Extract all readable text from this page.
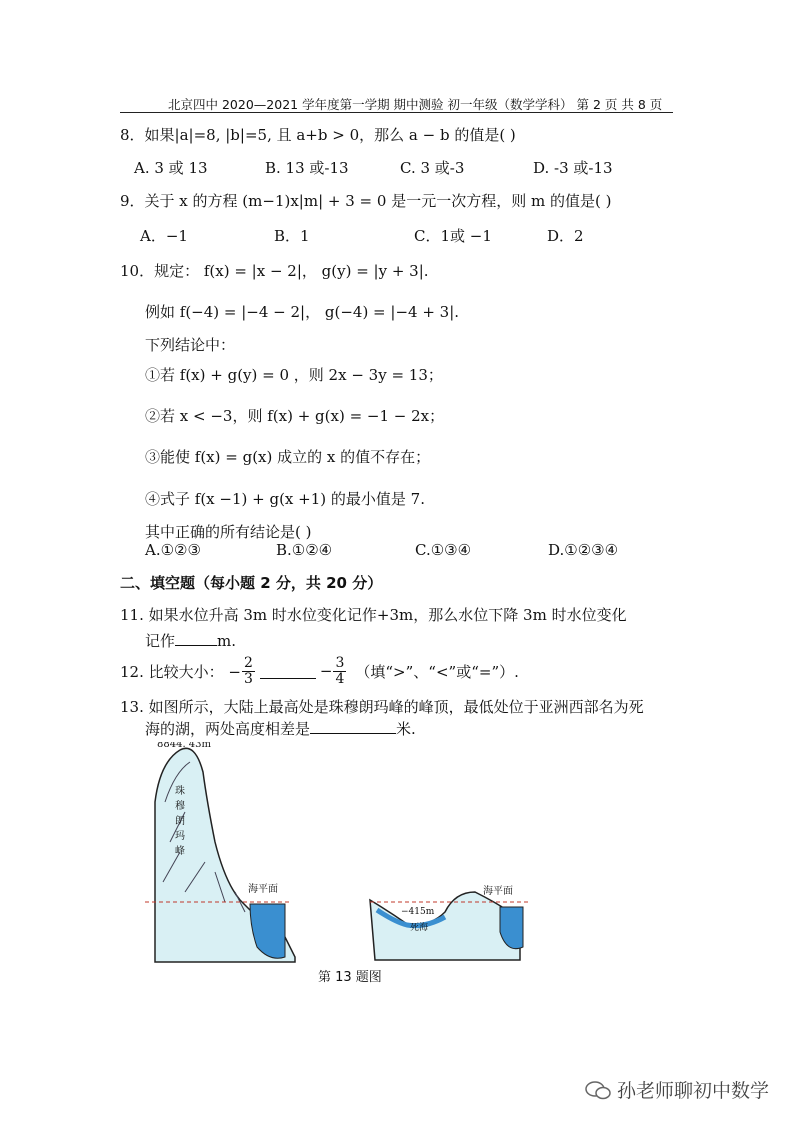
北京四中 2020—2021 学年度第一学期 期中测验 初一年级（数学学科） 第 2 页 共 8 页
8．如果|a|=8, |b|=5, 且 a+b > 0，那么 a − b 的值是( )
A. 3 或 13	B. 13 或-13	C. 3 或-3	D. -3 或-13
9．关于 x 的方程 (m−1)x|m| + 3 = 0 是一元一次方程，则 m 的值是( )
A．−1	B．1	C．1或 −1	D．2
10．规定： f(x) = |x − 2|， g(y) = |y + 3|.
例如 f(−4) = |−4 − 2|， g(−4) = |−4 + 3|.
下列结论中：
①若 f(x) + g(y) = 0 ，则 2x − 3y = 13；
②若 x < −3，则 f(x) + g(x) = −1 − 2x；
③能使 f(x) = g(x) 成立的 x 的值不存在；
④式子 f(x −1) + g(x +1) 的最小值是 7.
其中正确的所有结论是( )
A.①②③	B.①②④	C.①③④	D.①②③④
二、填空题（每小题 2 分，共 20 分）
11. 如果水位升高 3m 时水位变化记作+3m，那么水位下降 3m 时水位变化
记作	m.
12. 比较大小： − $\frac{2}{3}$	− $\frac{3}{4}$ （填“>”、“<”或“=”）.
13. 如图所示，大陆上最高处是珠穆朗玛峰的峰顶，最低处位于亚洲西部名为死
海的湖，两处高度相差是	米.
8844. 43m
珠
穆
朗
玛
峰
海平面	海平面
−415m
死海
第 13 题图
孙老师聊初中数学
